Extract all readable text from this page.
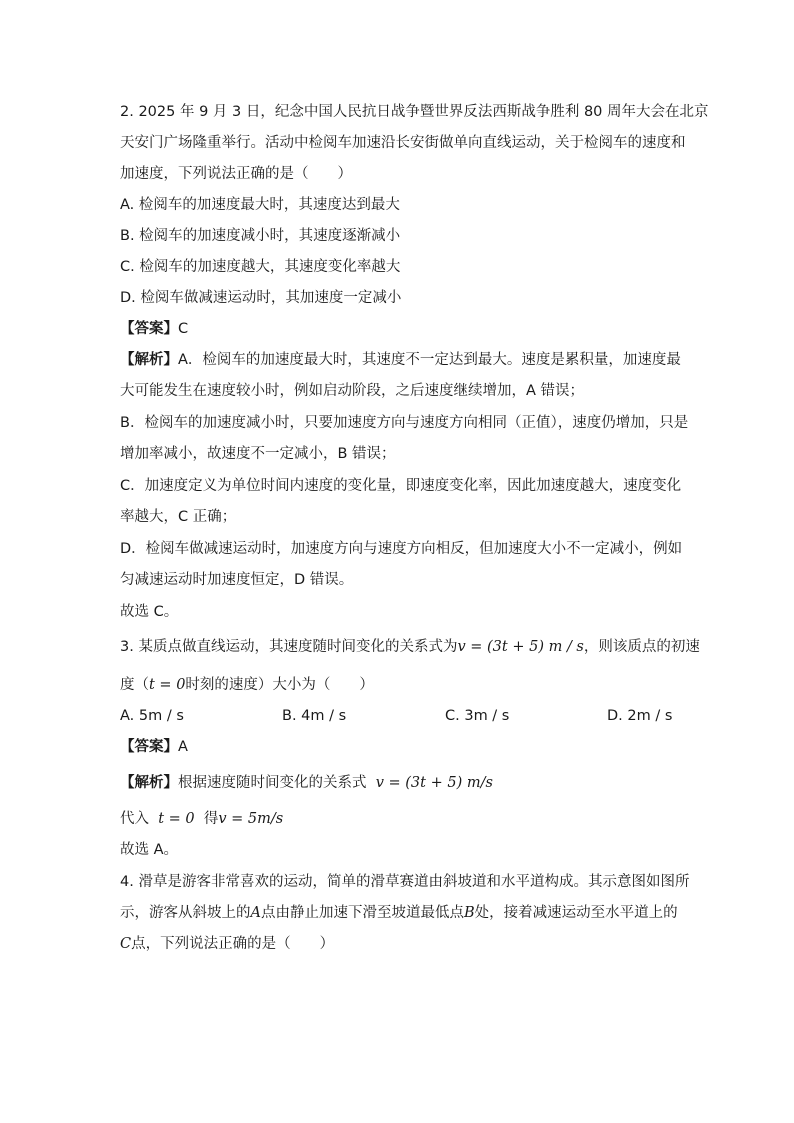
2. 2025 年 9 月 3 日，纪念中国人民抗日战争暨世界反法西斯战争胜利 80 周年大会在北京
天安门广场隆重举行。活动中检阅车加速沿长安街做单向直线运动，关于检阅车的速度和
加速度，下列说法正确的是（　　）
A. 检阅车的加速度最大时，其速度达到最大
B. 检阅车的加速度减小时，其速度逐渐减小
C. 检阅车的加速度越大，其速度变化率越大
D. 检阅车做减速运动时，其加速度一定减小
【答案】C
【解析】A．检阅车的加速度最大时，其速度不一定达到最大。速度是累积量，加速度最
大可能发生在速度较小时，例如启动阶段，之后速度继续增加，A 错误；
B．检阅车的加速度减小时，只要加速度方向与速度方向相同（正值），速度仍增加，只是
增加率减小，故速度不一定减小，B 错误；
C．加速度定义为单位时间内速度的变化量，即速度变化率，因此加速度越大，速度变化
率越大，C 正确；
D．检阅车做减速运动时，加速度方向与速度方向相反，但加速度大小不一定减小，例如
匀减速运动时加速度恒定，D 错误。
故选 C。
3. 某质点做直线运动，其速度随时间变化的关系式为v = (3t + 5) m / s，则该质点的初速
度（t = 0时刻的速度）大小为（　　）
A. 5m / s	B. 4m / s	C. 3m / s	D. 2m / s
【答案】A
【解析】根据速度随时间变化的关系式 v = (3t + 5) m/s
代入 t = 0 得v = 5m/s
故选 A。
4. 滑草是游客非常喜欢的运动，简单的滑草赛道由斜坡道和水平道构成。其示意图如图所
示，游客从斜坡上的A点由静止加速下滑至坡道最低点B处，接着减速运动至水平道上的
C点，下列说法正确的是（　　）
